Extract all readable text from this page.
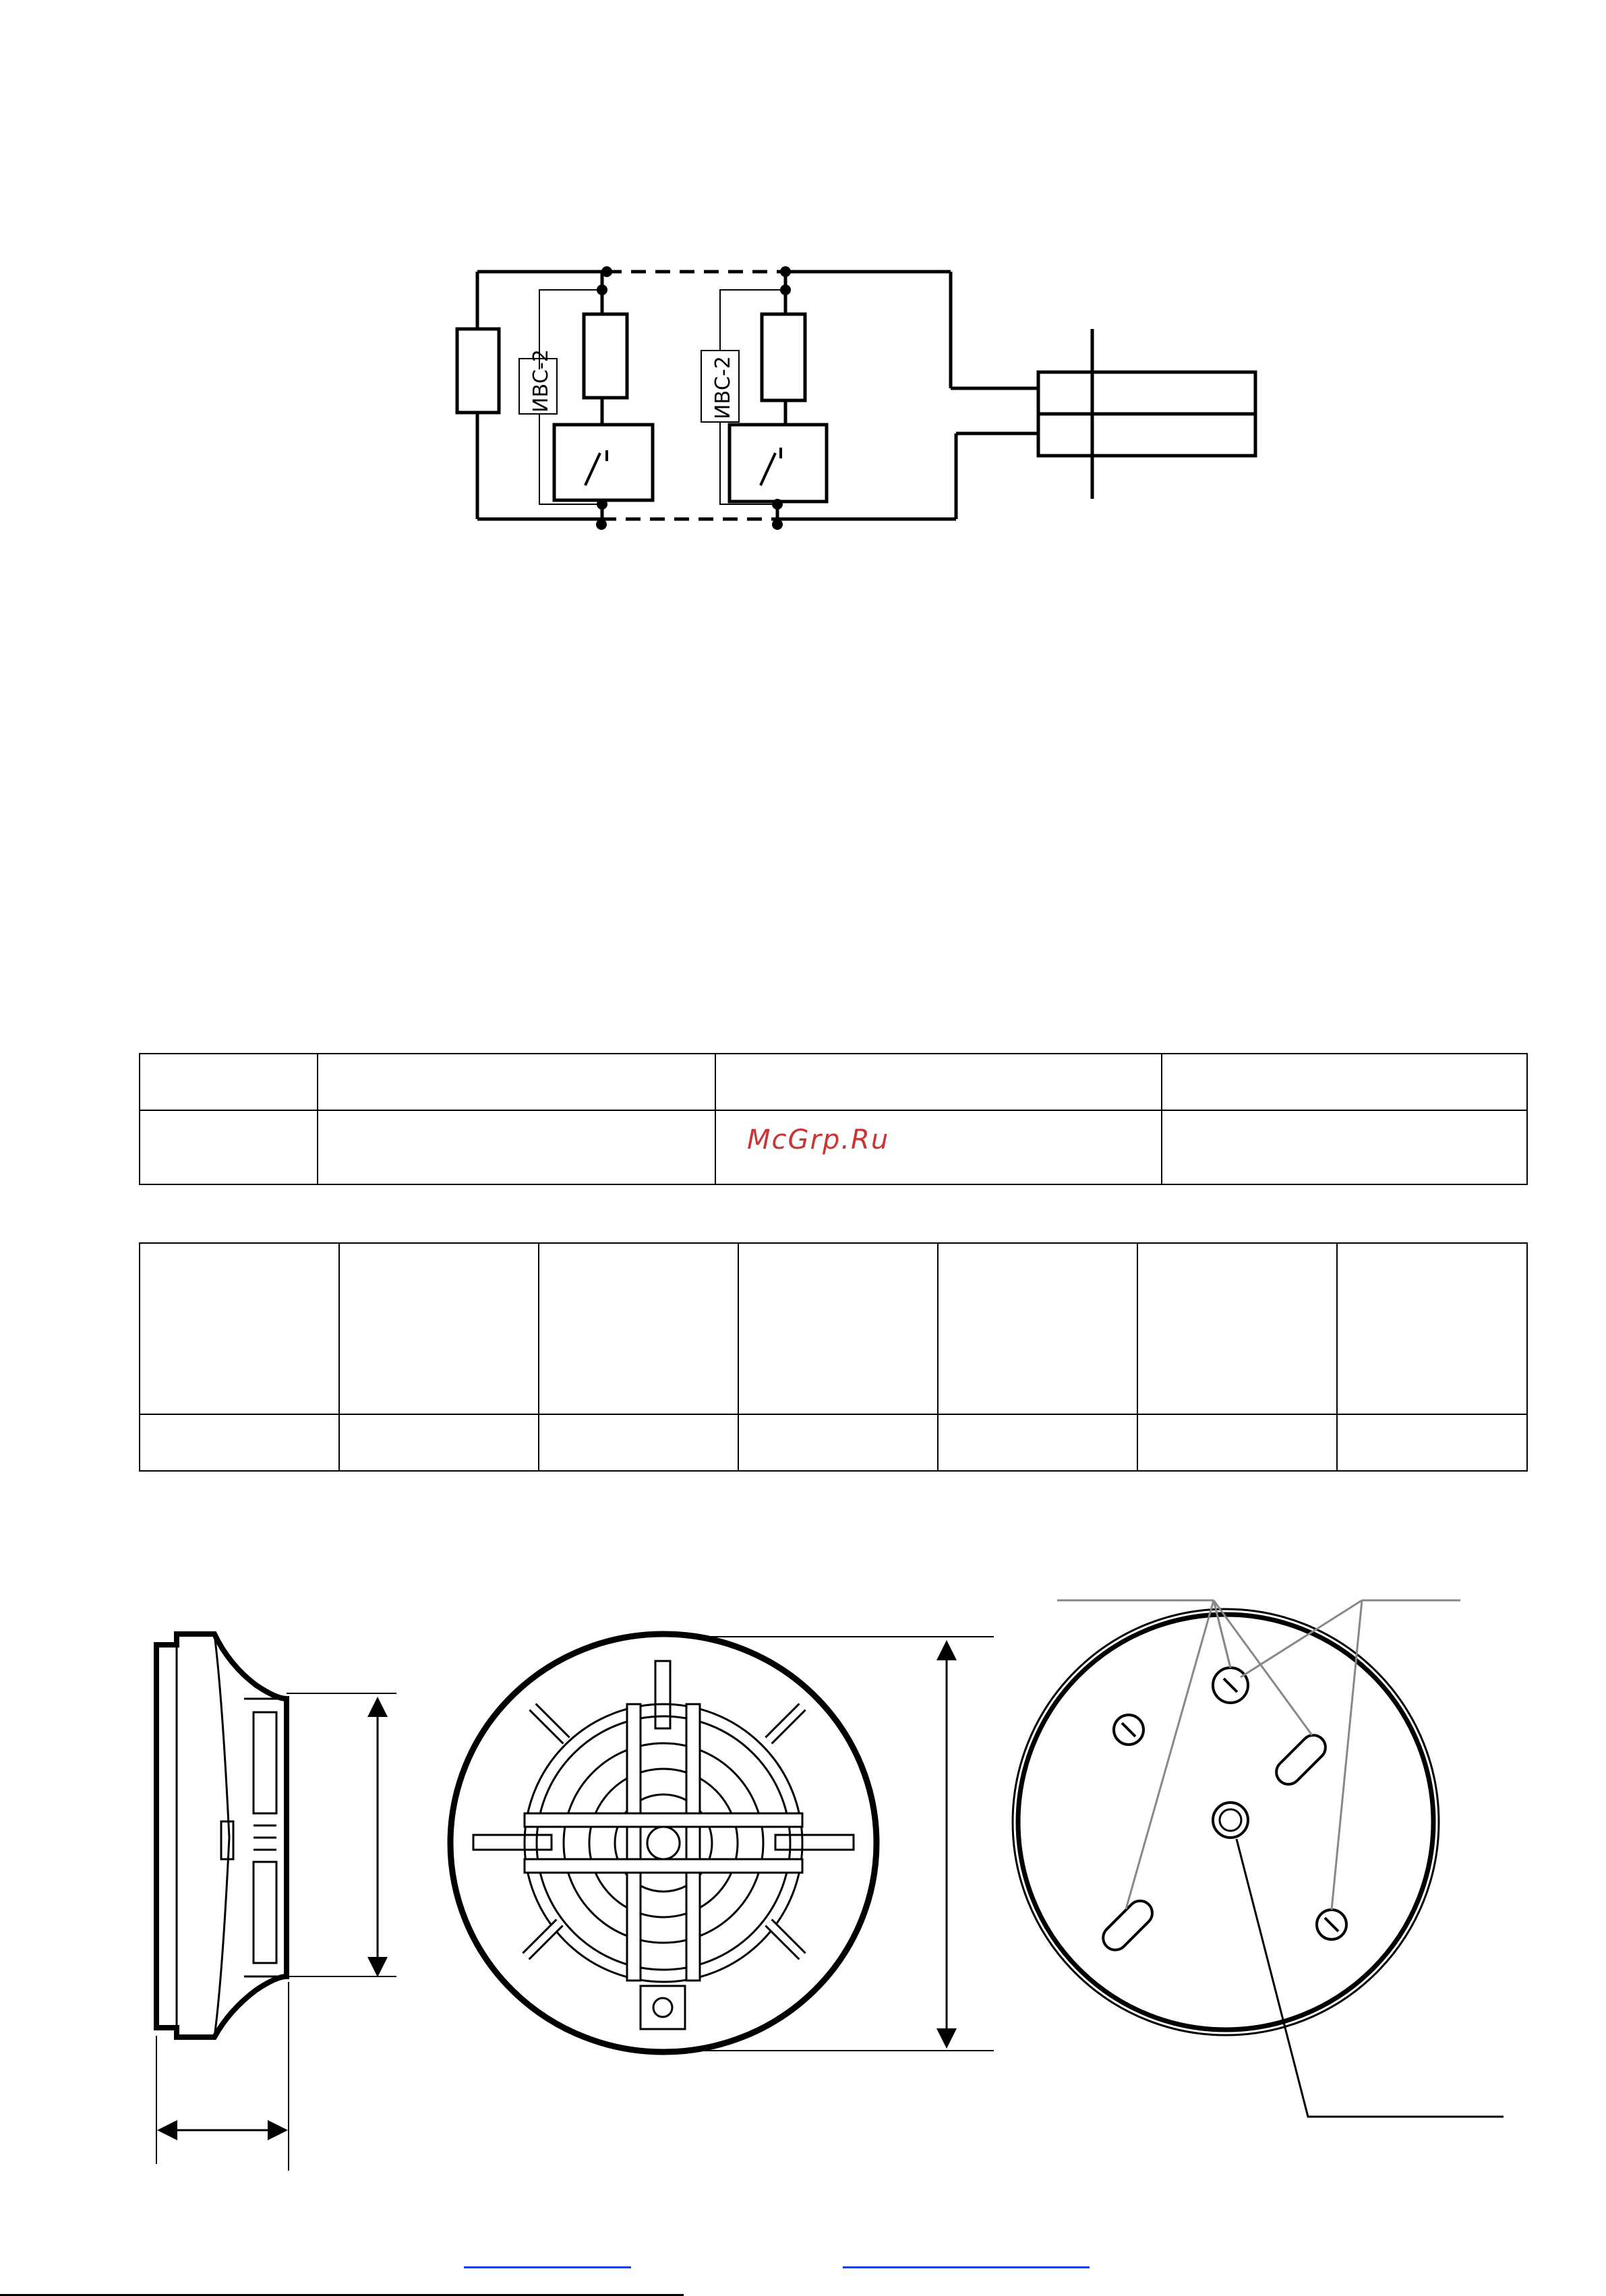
ИВС-2	ИВС-2

McGrp.Ru
